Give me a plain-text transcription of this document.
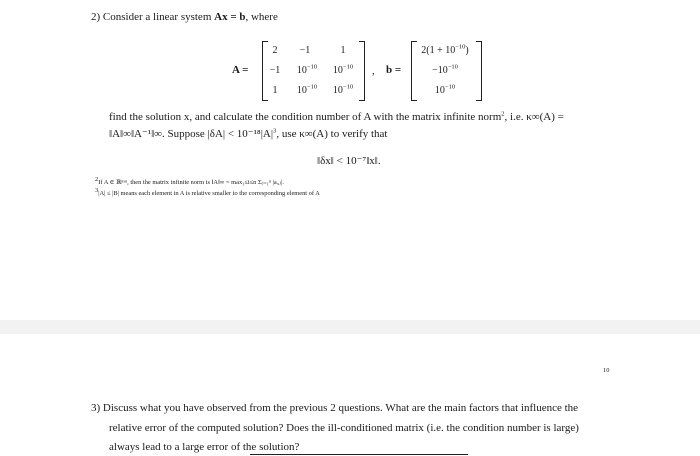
2) Consider a linear system Ax = b, where
A =
2	−1	1
−1	$10^{-10}$	$10^{-10}$
1	$10^{-10}$	$10^{-10}$
, b =
$2(1 + 10^{-10})$
$-10^{-10}$
$10^{-10}$
find the solution x, and calculate the condition number of A with the matrix infinite norm$^2$, i.e. κ∞(A) =
‖A‖∞‖A⁻¹‖∞. Suppose $|\delta A| < 10^{-18}|A|^3$, use κ∞(A) to verify that
‖δx‖ < 10⁻⁷‖x‖.
$^2$If A ∈ ℝⁿˣⁿ, then the matrix infinite norm is ‖A‖∞ = max₁≤i≤n Σⱼ₌₁ⁿ |aᵢ,ⱼ|.
$^3$|A| ≤ |B| means each element in A is relative smaller to the corresponding element of A
10
3) Discuss what you have observed from the previous 2 questions. What are the main factors that influence the
relative error of the computed solution? Does the ill-conditioned matrix (i.e. the condition number is large)
always lead to a large error of the solution?
